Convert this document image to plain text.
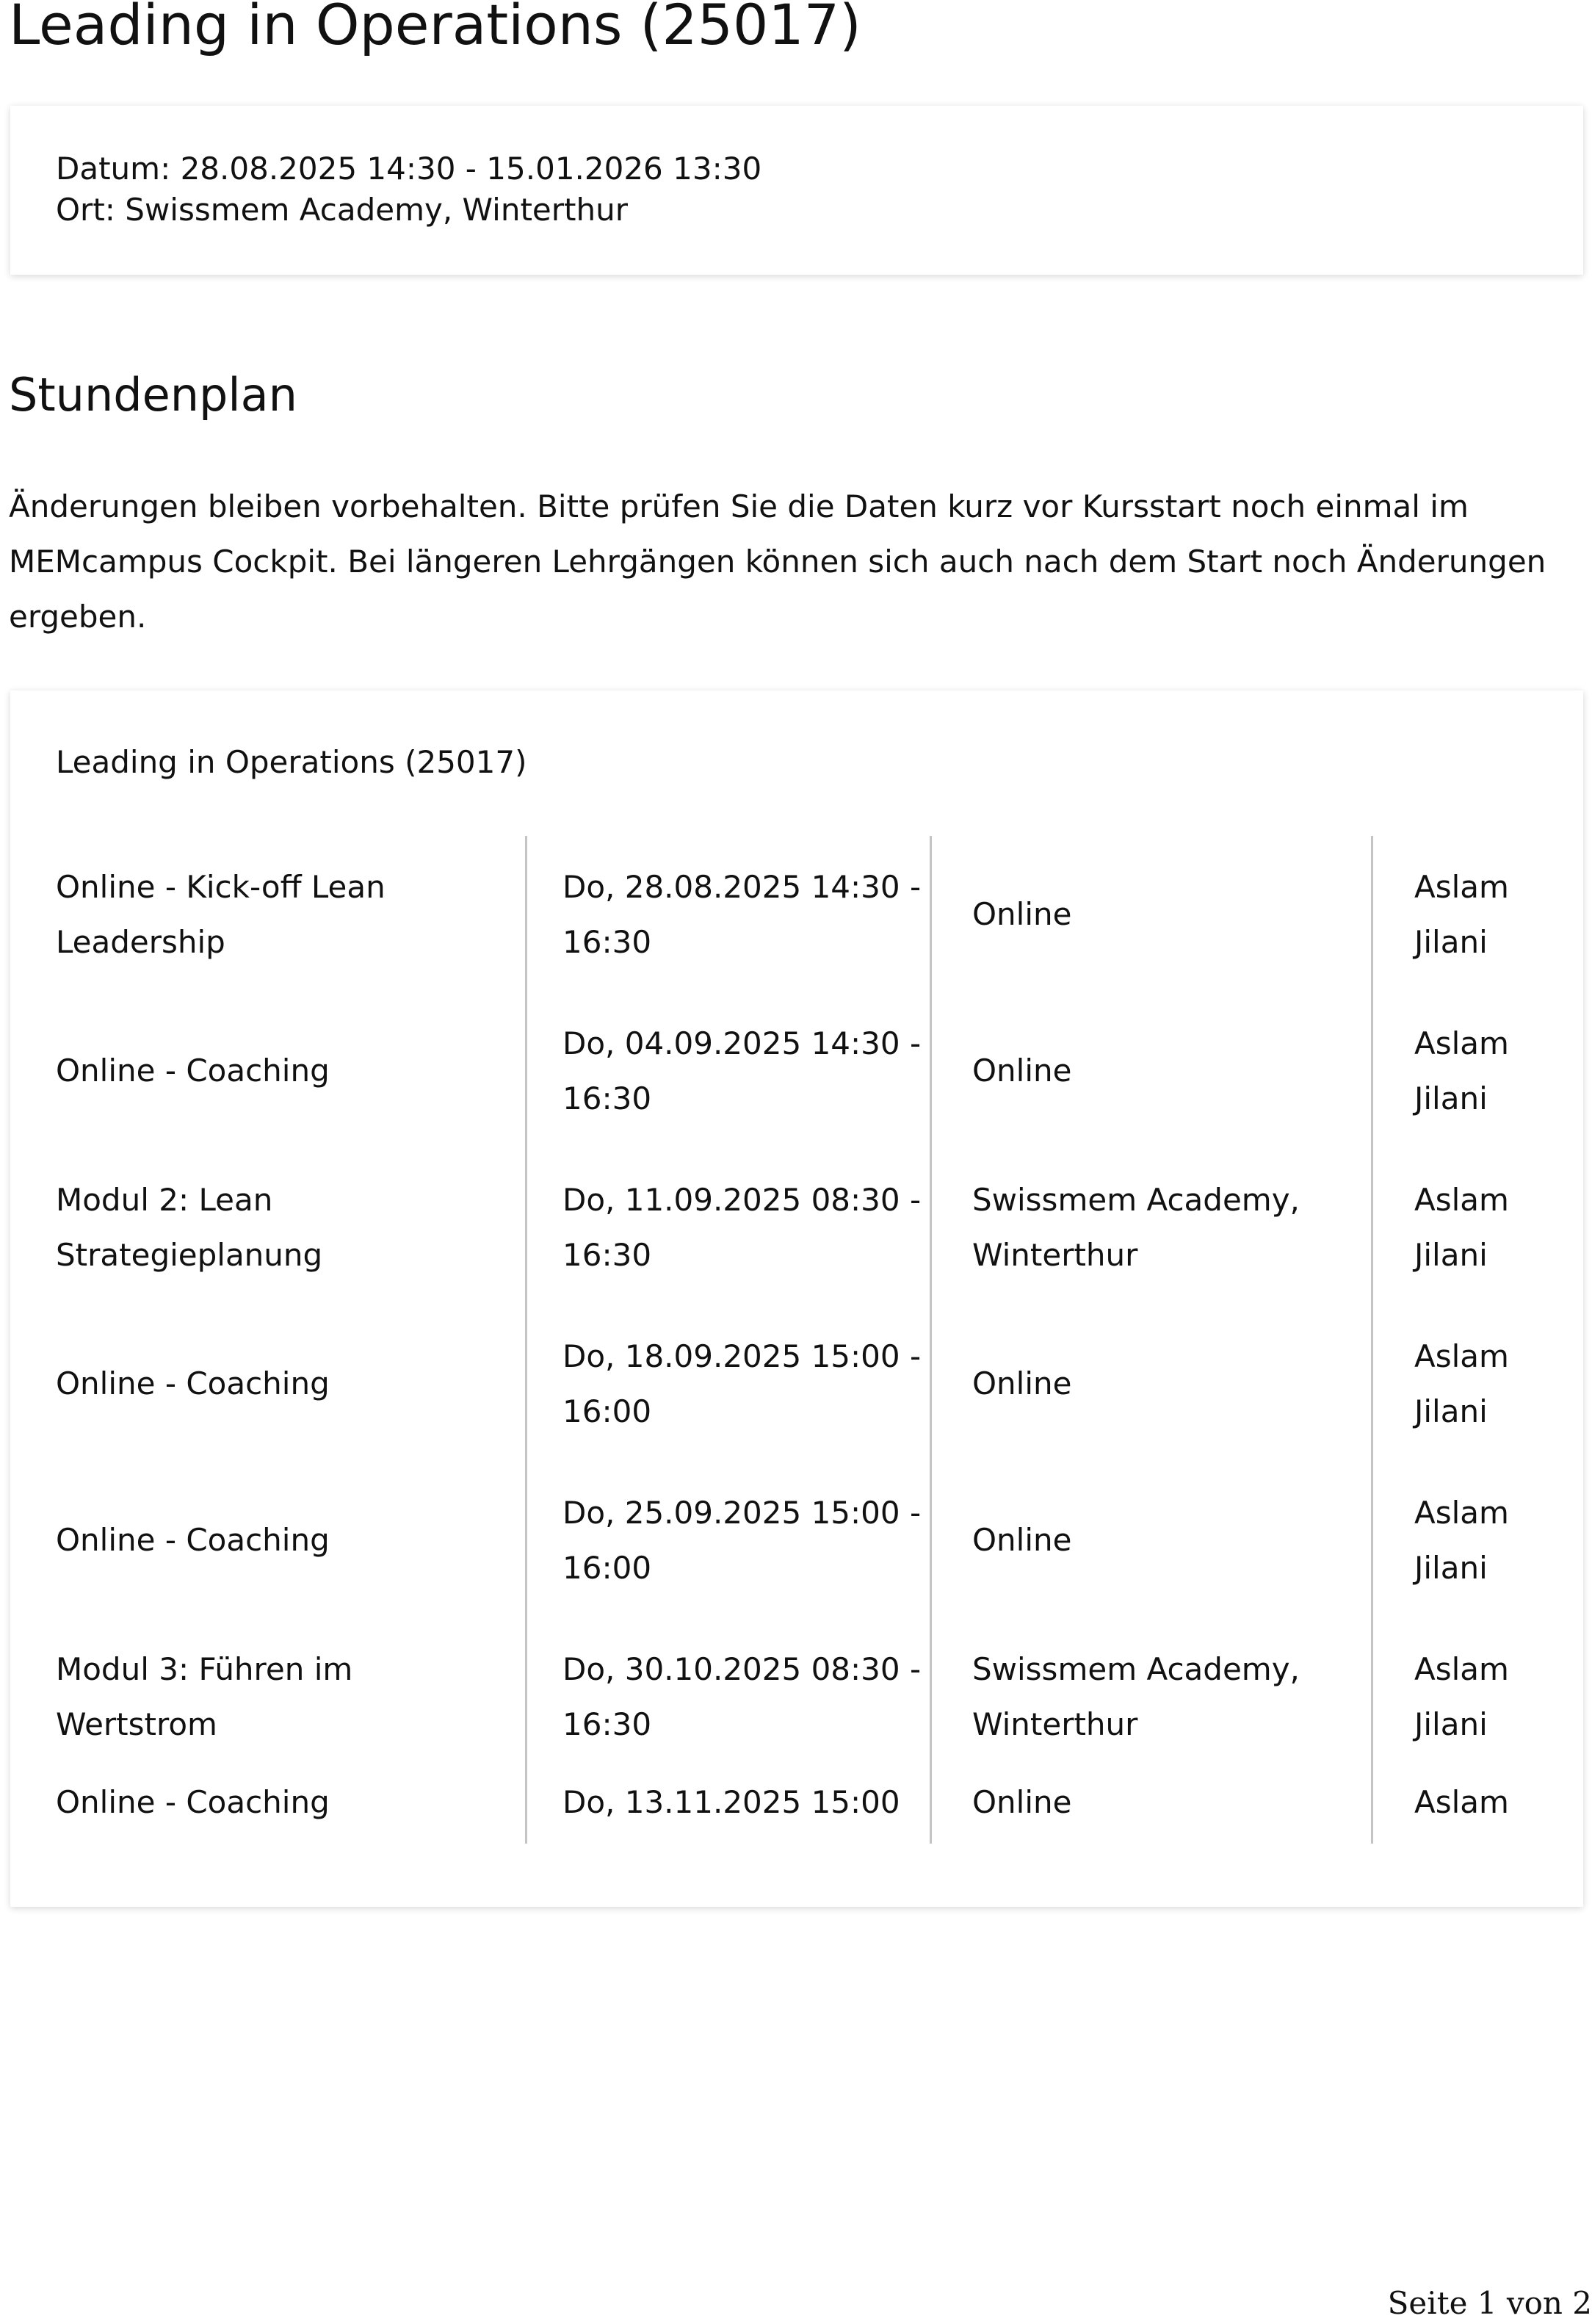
Leading in Operations (25017)
Datum: 28.08.2025 14:30 - 15.01.2026 13:30
Ort: Swissmem Academy, Winterthur
Stundenplan

Änderungen bleiben vorbehalten. Bitte prüfen Sie die Daten kurz vor Kursstart noch einmal im MEMcampus Cockpit. Bei längeren Lehrgängen können sich auch nach dem Start noch Änderungen ergeben.

Leading in Operations (25017)
Online - Kick-off Lean Leadership
Do, 28.08.2025 14:30 - 16:30
Online
Aslam Jilani
Online - Coaching
Do, 04.09.2025 14:30 - 16:30
Online
Aslam Jilani
Modul 2: Lean Strategieplanung
Do, 11.09.2025 08:30 - 16:30
Swissmem Academy, Winterthur
Aslam Jilani
Online - Coaching
Do, 18.09.2025 15:00 - 16:00
Online
Aslam Jilani
Online - Coaching
Do, 25.09.2025 15:00 - 16:00
Online
Aslam Jilani
Modul 3: Führen im Wertstrom
Do, 30.10.2025 08:30 - 16:30
Swissmem Academy, Winterthur
Aslam Jilani
Online - Coaching	Do, 13.11.2025 15:00 Online	Aslam
Seite 1 von 2
